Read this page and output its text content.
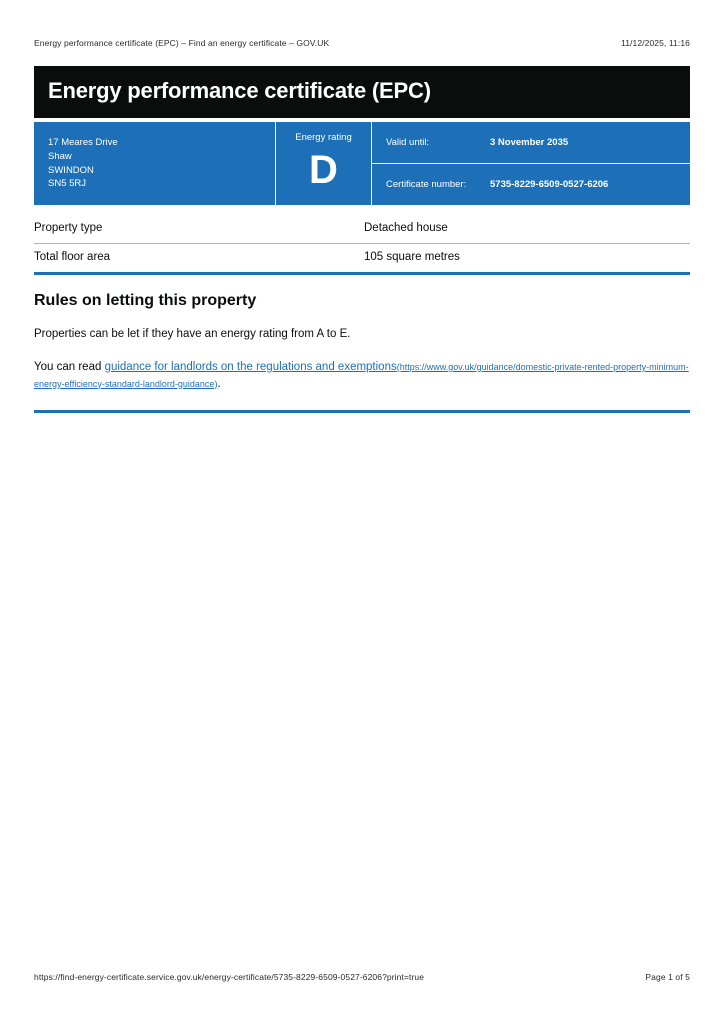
Energy performance certificate (EPC) – Find an energy certificate – GOV.UK	11/12/2025, 11:16
Energy performance certificate (EPC)
17 Meares Drive
Shaw
SWINDON
SN5 5RJ
Energy rating
D
Valid until:	3 November 2035
Certificate number:	5735-8229-6509-0527-6206
Property type	Detached house
Total floor area	105 square metres
Rules on letting this property

Properties can be let if they have an energy rating from A to E.

You can read guidance for landlords on the regulations and exemptions(https://www.gov.uk/guidance/domestic-private-rented-property-minimum-energy-efficiency-standard-landlord-guidance).

https://find-energy-certificate.service.gov.uk/energy-certificate/5735-8229-6509-0527-6206?print=true	Page 1 of 5
